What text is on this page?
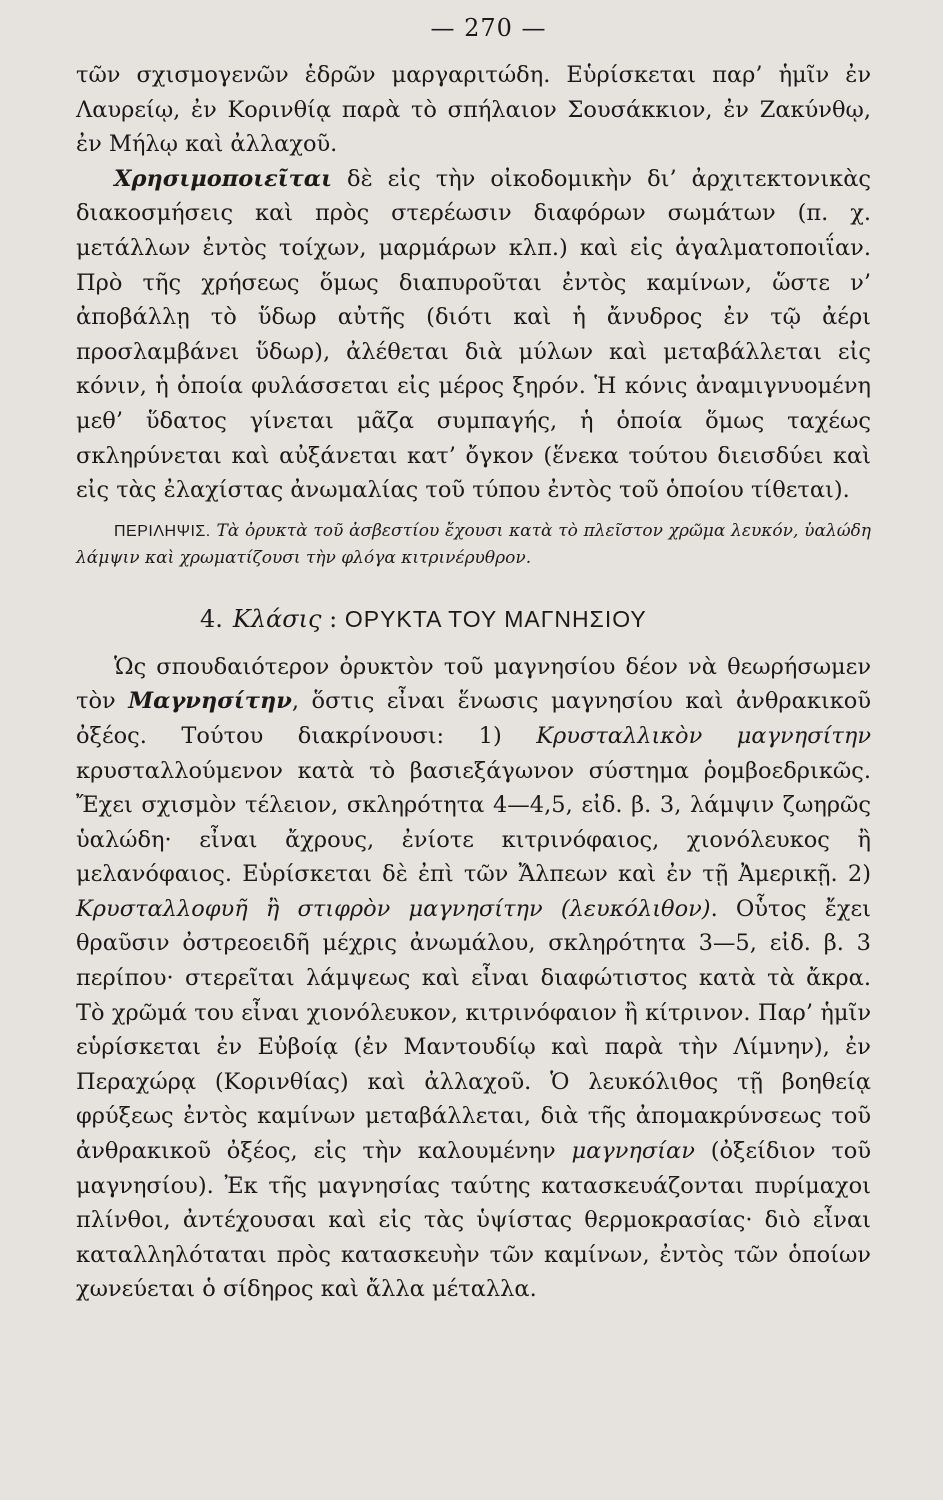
— 270 —

τῶν σχισμογενῶν ἑδρῶν μαργαριτώδη. Εὑρίσκεται παρ’ ἡμῖν ἐν Λαυρείῳ, ἐν Κορινθίᾳ παρὰ τὸ σπήλαιον Σουσάκκιον, ἐν Ζακύνθῳ, ἐν Μήλῳ καὶ ἀλλαχοῦ.

Χρησιμοποιεῖται δὲ εἰς τὴν οἰκοδομικὴν δι’ ἀρχιτεκτονικὰς διακοσμήσεις καὶ πρὸς στερέωσιν διαφόρων σωμάτων (π. χ. μετάλλων ἐντὸς τοίχων, μαρμάρων κλπ.) καὶ εἰς ἀγαλματοποιΐαν. Πρὸ τῆς χρήσεως ὅμως διαπυροῦται ἐντὸς καμίνων, ὥστε ν’ ἀποβάλλῃ τὸ ὕδωρ αὐτῆς (διότι καὶ ἡ ἄνυδρος ἐν τῷ ἀέρι προσλαμβάνει ὕδωρ), ἀλέθεται διὰ μύλων καὶ μεταβάλλεται εἰς κόνιν, ἡ ὁποία φυλάσσεται εἰς μέρος ξηρόν. Ἡ κόνις ἀναμιγνυομένη μεθ’ ὕδατος γίνεται μᾶζα συμπαγής, ἡ ὁποία ὅμως ταχέως σκληρύνεται καὶ αὐξάνεται κατ’ ὄγκον (ἕνεκα τούτου διεισδύει καὶ εἰς τὰς ἐλαχίστας ἀνωμαλίας τοῦ τύπου ἐντὸς τοῦ ὁποίου τίθεται).

ΠΕΡΙΛΗΨΙΣ. Τὰ ὀρυκτὰ τοῦ ἀσβεστίου ἔχουσι κατὰ τὸ πλεῖστον χρῶμα λευκόν, ὑαλώδη λάμψιν καὶ χρωματίζουσι τὴν φλόγα κιτρινέρυθρον.

4. Κλάσις : ΟΡΥΚΤΑ ΤΟΥ ΜΑΓΝΗΣΙΟΥ

Ὡς σπουδαιότερον ὀρυκτὸν τοῦ μαγνησίου δέον νὰ θεωρήσωμεν τὸν Μαγνησίτην, ὅστις εἶναι ἕνωσις μαγνησίου καὶ ἀνθρακικοῦ ὀξέος. Τούτου διακρίνουσι: 1) Κρυσταλλικὸν μαγνησίτην κρυσταλλούμενον κατὰ τὸ βασιεξάγωνον σύστημα ῥομβοεδρικῶς. Ἔχει σχισμὸν τέλειον, σκληρότητα 4—4,5, εἰδ. β. 3, λάμψιν ζωηρῶς ὑαλώδη· εἶναι ἄχρους, ἐνίοτε κιτρινόφαιος, χιονόλευκος ἢ μελανόφαιος. Εὑρίσκεται δὲ ἐπὶ τῶν Ἄλπεων καὶ ἐν τῇ Ἀμερικῇ. 2) Κρυσταλλοφυῆ ἢ στιφρὸν μαγνησίτην (λευκόλιθον). Οὗτος ἔχει θραῦσιν ὀστρεοειδῆ μέχρις ἀνωμάλου, σκληρότητα 3—5, εἰδ. β. 3 περίπου· στερεῖται λάμψεως καὶ εἶναι διαφώτιστος κατὰ τὰ ἄκρα. Τὸ χρῶμά του εἶναι χιονόλευκον, κιτρινόφαιον ἢ κίτρινον. Παρ’ ἡμῖν εὑρίσκεται ἐν Εὐβοίᾳ (ἐν Μαντουδίῳ καὶ παρὰ τὴν Λίμνην), ἐν Περαχώρᾳ (Κορινθίας) καὶ ἀλλαχοῦ. Ὁ λευκόλιθος τῇ βοηθείᾳ φρύξεως ἐντὸς καμίνων μεταβάλλεται, διὰ τῆς ἀπομακρύνσεως τοῦ ἀνθρακικοῦ ὀξέος, εἰς τὴν καλουμένην μαγνησίαν (ὀξείδιον τοῦ μαγνησίου). Ἐκ τῆς μαγνησίας ταύτης κατασκευάζονται πυρίμαχοι πλίνθοι, ἀντέχουσαι καὶ εἰς τὰς ὑψίστας θερμοκρασίας· διὸ εἶναι καταλληλόταται πρὸς κατασκευὴν τῶν καμίνων, ἐντὸς τῶν ὁποίων χωνεύεται ὁ σίδηρος καὶ ἄλλα μέταλλα.
